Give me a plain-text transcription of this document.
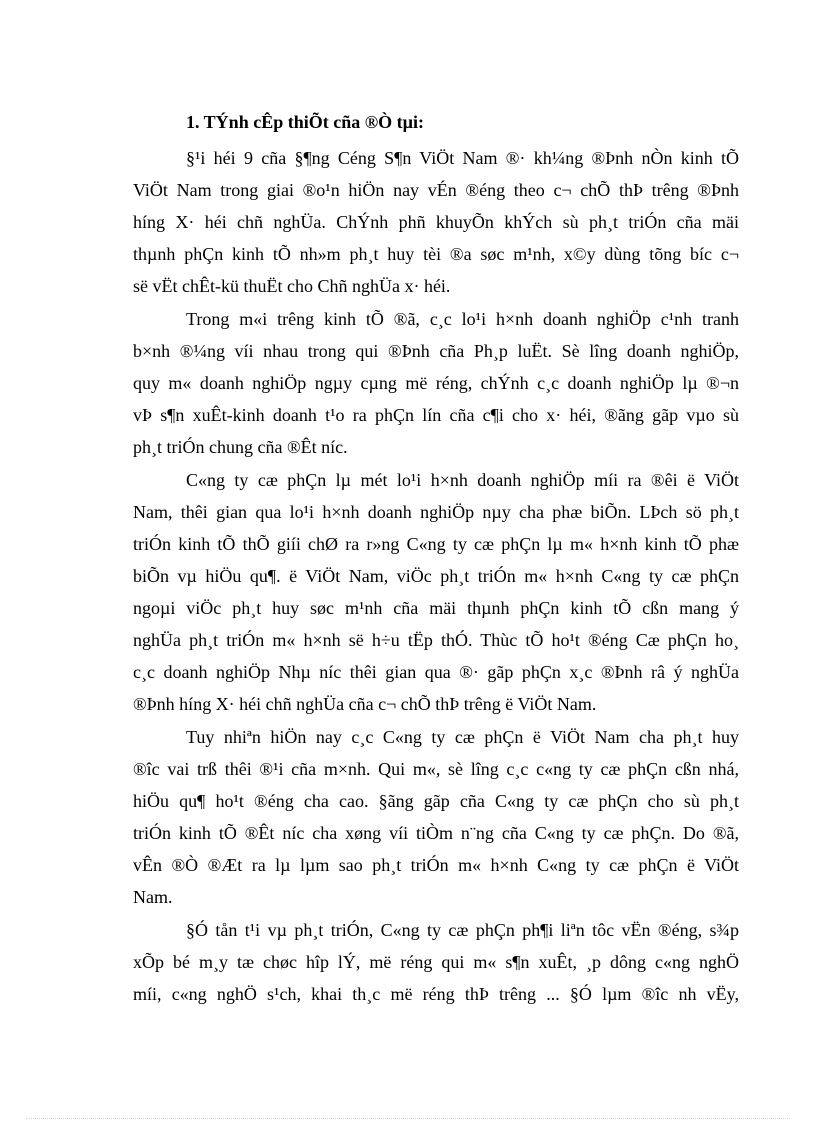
1. TÝnh cÊp thiÕt cña ®Ò tµi:
§¹i héi 9 cña §¶ng Céng S¶n ViÖt Nam ®· kh¼ng ®Þnh nÒn kinh tÕ
ViÖt Nam trong giai ®o¹n hiÖn nay vÉn ®éng theo c¬ chÕ thÞ trêng ®Þnh
híng X· héi chñ nghÜa. ChÝnh phñ khuyÕn khÝch sù ph¸t triÓn cña mäi
thµnh phÇn kinh tÕ nh»m ph¸t huy tèi ®a søc m¹nh, x©y dùng tõng bíc c¬
së vËt chÊt-kü thuËt cho Chñ nghÜa x· héi.
Trong m«i trêng kinh tÕ ®ã, c¸c lo¹i h×nh doanh nghiÖp c¹nh tranh
b×nh ®¼ng víi nhau trong qui ®Þnh cña Ph¸p luËt. Sè lîng doanh nghiÖp,
quy m« doanh nghiÖp ngµy cµng më réng, chÝnh c¸c doanh nghiÖp lµ ®¬n
vÞ s¶n xuÊt-kinh doanh t¹o ra phÇn lín cña c¶i cho x· héi, ®ãng gãp vµo sù
ph¸t triÓn chung cña ®Êt níc.
C«ng ty cæ phÇn lµ mét lo¹i h×nh doanh nghiÖp míi ra ®êi ë ViÖt
Nam, thêi gian qua lo¹i h×nh doanh nghiÖp nµy cha phæ biÕn. LÞch sö ph¸t
triÓn kinh tÕ thÕ giíi chØ ra r»ng C«ng ty cæ phÇn lµ m« h×nh kinh tÕ phæ
biÕn vµ hiÖu qu¶. ë ViÖt Nam, viÖc ph¸t triÓn m« h×nh C«ng ty cæ phÇn
ngoµi viÖc ph¸t huy søc m¹nh cña mäi thµnh phÇn kinh tÕ cßn mang ý
nghÜa ph¸t triÓn m« h×nh së h÷u tËp thÓ. Thùc tÕ ho¹t ®éng Cæ phÇn ho¸
c¸c doanh nghiÖp Nhµ níc thêi gian qua ®· gãp phÇn x¸c ®Þnh râ ý nghÜa
®Þnh híng X· héi chñ nghÜa cña c¬ chÕ thÞ trêng ë ViÖt Nam.
Tuy nhiªn hiÖn nay c¸c C«ng ty cæ phÇn ë ViÖt Nam cha ph¸t huy
®îc vai trß thêi ®¹i cña m×nh. Qui m«, sè lîng c¸c c«ng ty cæ phÇn cßn nhá,
hiÖu qu¶ ho¹t ®éng cha cao. §ãng gãp cña C«ng ty cæ phÇn cho sù ph¸t
triÓn kinh tÕ ®Êt níc cha xøng víi tiÒm n¨ng cña C«ng ty cæ phÇn. Do ®ã,
vÊn ®Ò ®Æt ra lµ lµm sao ph¸t triÓn m« h×nh C«ng ty cæ phÇn ë ViÖt
Nam.
§Ó tån t¹i vµ ph¸t triÓn, C«ng ty cæ phÇn ph¶i liªn tôc vËn ®éng, s¾p
xÕp bé m¸y tæ chøc hîp lÝ, më réng qui m« s¶n xuÊt, ¸p dông c«ng nghÖ
míi, c«ng nghÖ s¹ch, khai th¸c më réng thÞ trêng ... §Ó lµm ®îc nh vËy,
